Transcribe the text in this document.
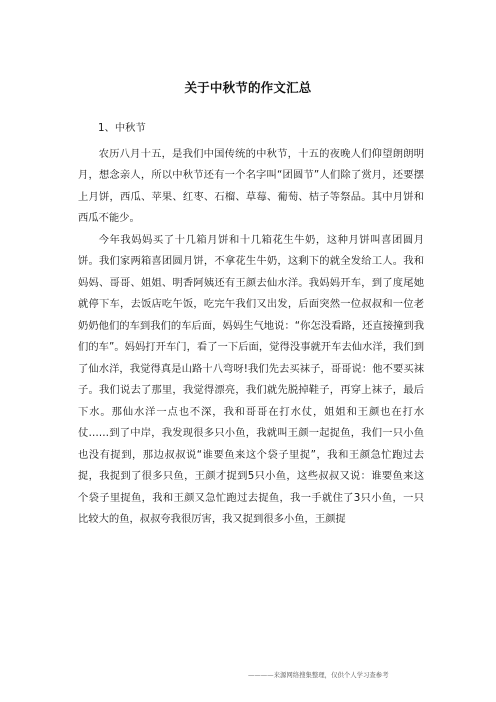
关于中秋节的作文汇总

1、中秋节

农历八月十五，是我们中国传统的中秋节，十五的夜晚人们仰望朗朗明月，想念亲人，所以中秋节还有一个名字叫“团圆节”人们除了赏月，还要摆上月饼，西瓜、苹果、红枣、石榴、草莓、葡萄、桔子等祭品。其中月饼和西瓜不能少。

今年我妈妈买了十几箱月饼和十几箱花生牛奶，这种月饼叫喜团圆月饼。我们家两箱喜团圆月饼，不拿花生牛奶，这剩下的就全发给工人。我和妈妈、哥哥、姐姐、明香阿姨还有王颜去仙水洋。我妈妈开车，到了度尾她就停下车，去饭店吃午饭，吃完午我们又出发，后面突然一位叔叔和一位老奶奶他们的车到我们的车后面，妈妈生气地说：“你怎没看路，还直接撞到我们的车”。妈妈打开车门，看了一下后面，觉得没事就开车去仙水洋，我们到了仙水洋，我觉得真是山路十八弯呀!我们先去买袜子，哥哥说：他不要买袜子。我们说去了那里，我觉得漂亮，我们就先脱掉鞋子，再穿上袜子，最后下水。那仙水洋一点也不深，我和哥哥在打水仗，姐姐和王颜也在打水仗……到了中岸，我发现很多只小鱼，我就叫王颜一起捉鱼，我们一只小鱼也没有捉到，那边叔叔说“谁要鱼来这个袋子里捉”，我和王颜急忙跑过去捉，我捉到了很多只鱼，王颜才捉到5只小鱼，这些叔叔又说：谁要鱼来这个袋子里捉鱼，我和王颜又急忙跑过去捉鱼，我一手就住了3只小鱼，一只比较大的鱼，叔叔夸我很厉害，我又捉到很多小鱼，王颜捉

————来源网络搜集整理，仅供个人学习查参考
